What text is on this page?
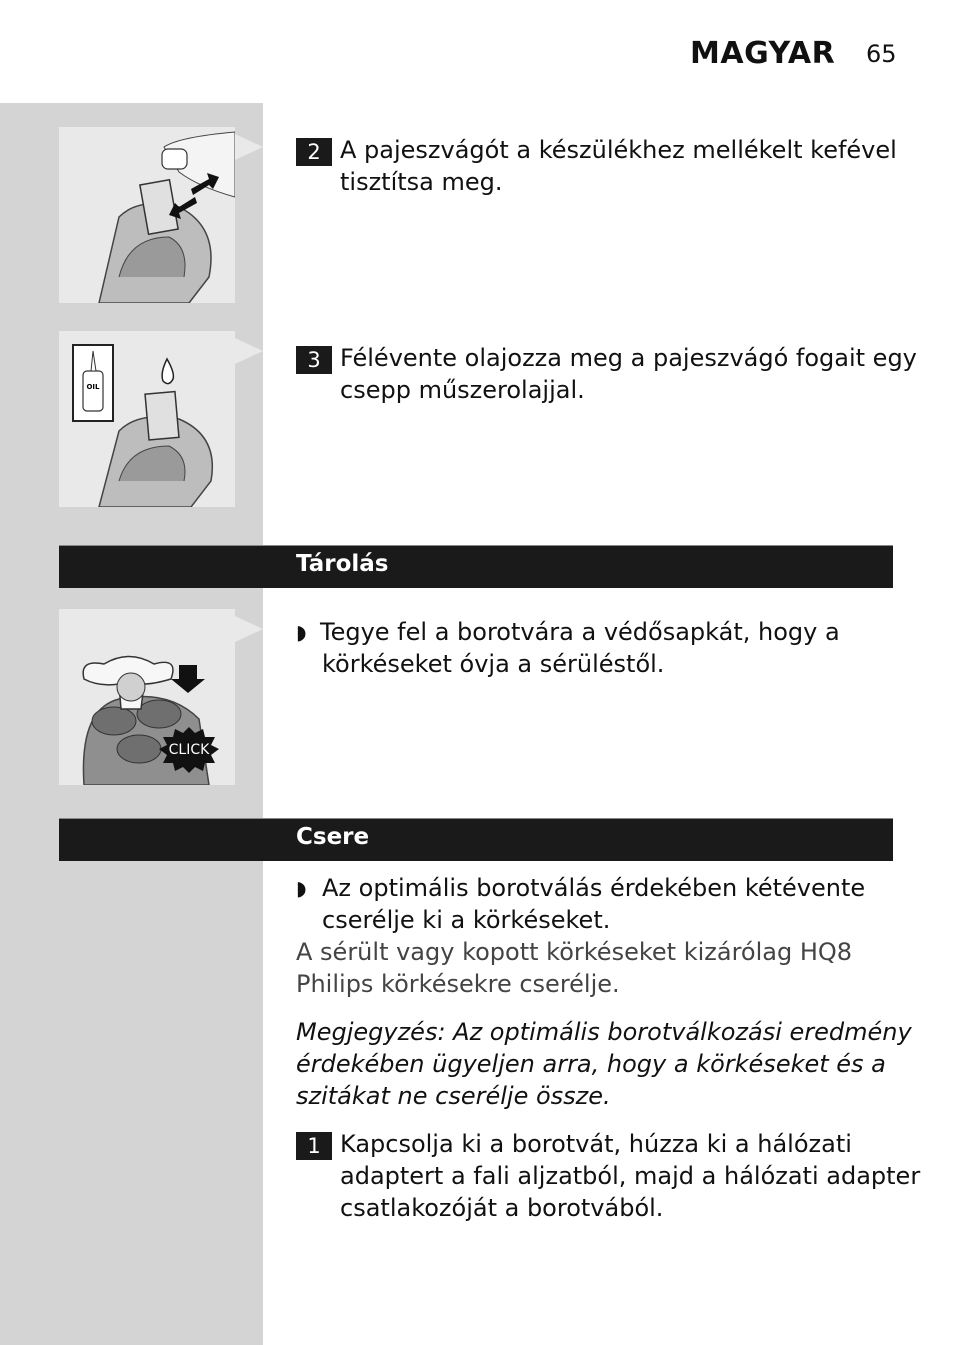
MAGYAR 65
2 A pajeszvágót a készülékhez mellékelt kefével
tisztítsa meg.
OIL
3 Félévente olajozza meg a pajeszvágó fogait egy
csepp műszerolajjal.
Tárolás
CLICK
◗ Tegye fel a borotvára a védősapkát, hogy a
körkéseket óvja a sérüléstől.
Csere
◗ Az optimális borotválás érdekében kétévente
cserélje ki a körkéseket.
A sérült vagy kopott körkéseket kizárólag HQ8
Philips körkésekre cserélje.
Megjegyzés: Az optimális borotválkozási eredmény
érdekében ügyeljen arra, hogy a körkéseket és a
szitákat ne cserélje össze.
1 Kapcsolja ki a borotvát, húzza ki a hálózati
adaptert a fali aljzatból, majd a hálózati adapter
csatlakozóját a borotvából.
